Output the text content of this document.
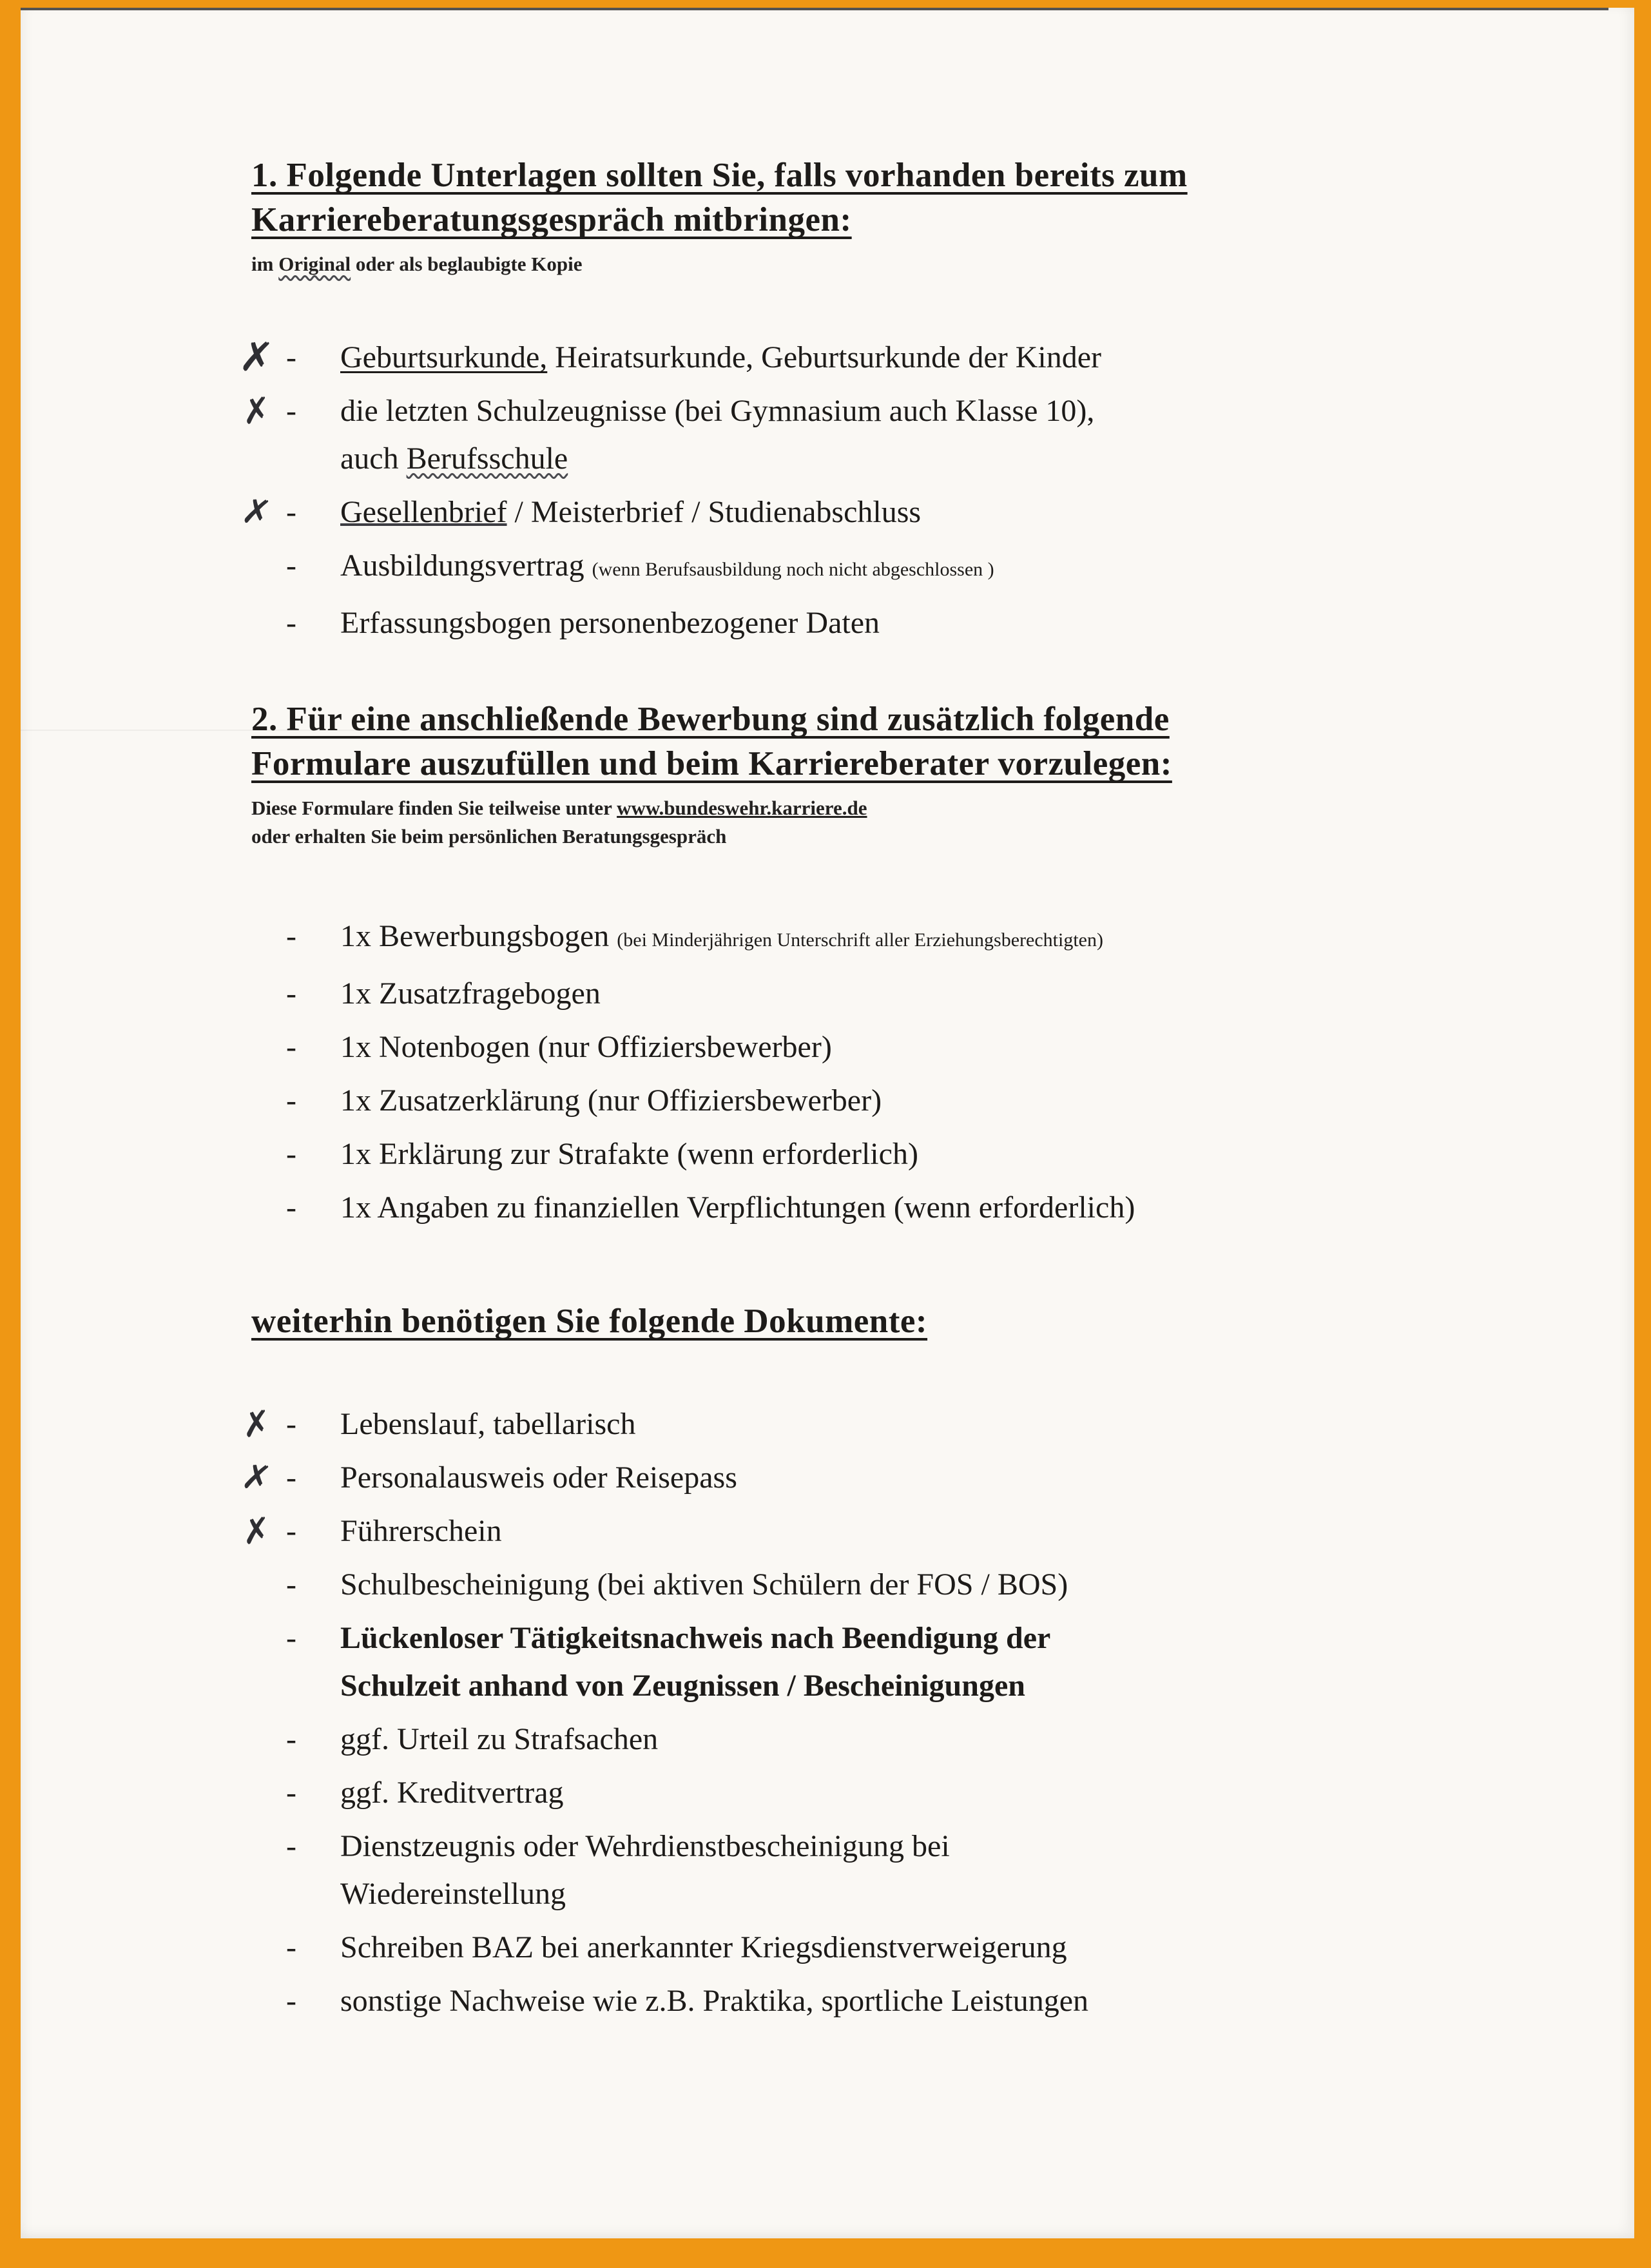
1. Folgende Unterlagen sollten Sie, falls vorhanden bereits zum
Karriereberatungsgespräch mitbringen:
im Original oder als beglaubigte Kopie
✗ -	Geburtsurkunde, Heiratsurkunde, Geburtsurkunde der Kinder
✗ -	die letzten Schulzeugnisse (bei Gymnasium auch Klasse 10),
auch Berufsschule
✗ -	Gesellenbrief / Meisterbrief / Studienabschluss
-	Ausbildungsvertrag (wenn Berufsausbildung noch nicht abgeschlossen )
-	Erfassungsbogen personenbezogener Daten
2. Für eine anschließende Bewerbung sind zusätzlich folgende
Formulare auszufüllen und beim Karriereberater vorzulegen:
Diese Formulare finden Sie teilweise unter www.bundeswehr.karriere.de
oder erhalten Sie beim persönlichen Beratungsgespräch
-	1x Bewerbungsbogen (bei Minderjährigen Unterschrift aller Erziehungsberechtigten)
-	1x Zusatzfragebogen
-	1x Notenbogen (nur Offiziersbewerber)
-	1x Zusatzerklärung (nur Offiziersbewerber)
-	1x Erklärung zur Strafakte (wenn erforderlich)
-	1x Angaben zu finanziellen Verpflichtungen (wenn erforderlich)
weiterhin benötigen Sie folgende Dokumente:
✗ -	Lebenslauf, tabellarisch
✗ -	Personalausweis oder Reisepass
✗ -	Führerschein
-	Schulbescheinigung (bei aktiven Schülern der FOS / BOS)
-	Lückenloser Tätigkeitsnachweis nach Beendigung der
Schulzeit anhand von Zeugnissen / Bescheinigungen
-	ggf. Urteil zu Strafsachen
-	ggf. Kreditvertrag
-	Dienstzeugnis oder Wehrdienstbescheinigung bei
Wiedereinstellung
-	Schreiben BAZ bei anerkannter Kriegsdienstverweigerung
-	sonstige Nachweise wie z.B. Praktika, sportliche Leistungen
